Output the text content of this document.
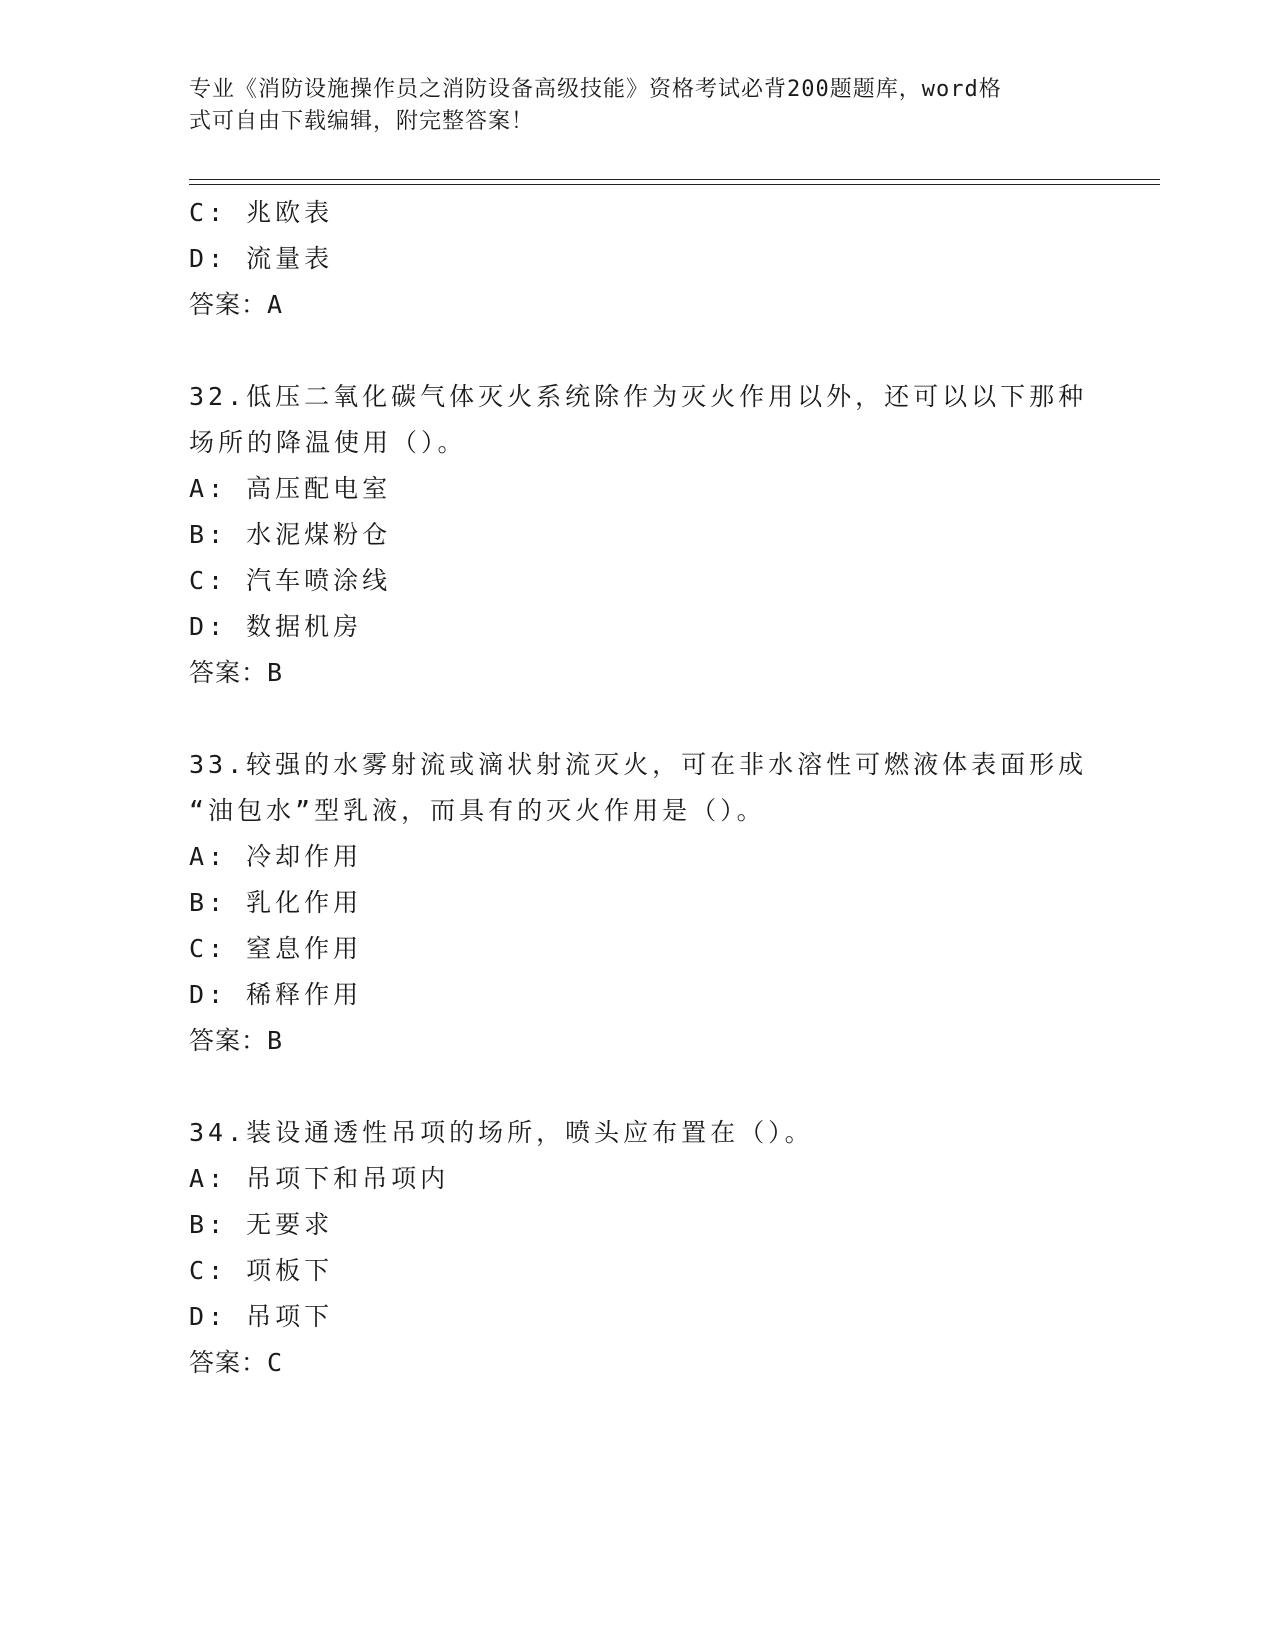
专业《消防设施操作员之消防设备高级技能》资格考试必背200题题库，word格
式可自由下载编辑，附完整答案！
C: 兆欧表
D: 流量表
答案：A
32.低压二氧化碳气体灭火系统除作为灭火作用以外，还可以以下那种
场所的降温使用（）。
A: 高压配电室
B: 水泥煤粉仓
C: 汽车喷涂线
D: 数据机房
答案：B
33.较强的水雾射流或滴状射流灭火，可在非水溶性可燃液体表面形成
“油包水”型乳液，而具有的灭火作用是（）。
A: 冷却作用
B: 乳化作用
C: 窒息作用
D: 稀释作用
答案：B
34.装设通透性吊项的场所，喷头应布置在（）。
A: 吊项下和吊项内
B: 无要求
C: 项板下
D: 吊项下
答案：C
